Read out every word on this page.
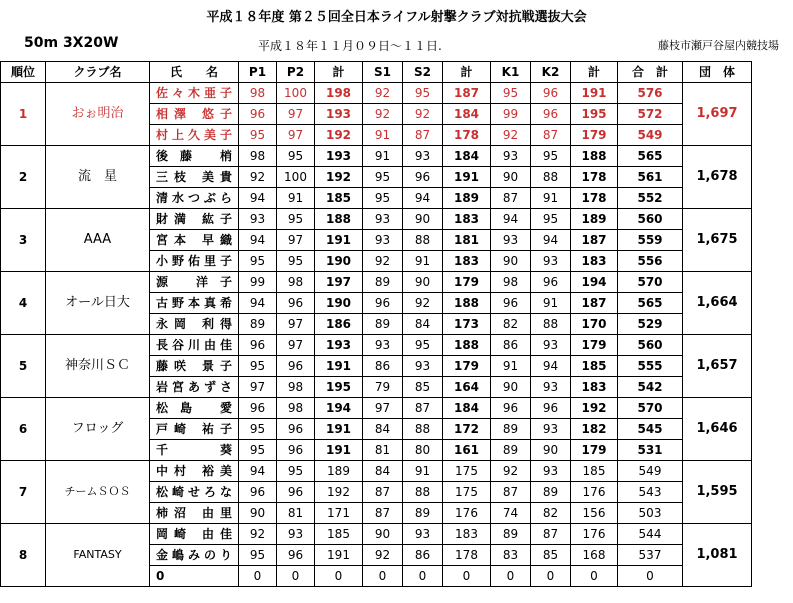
平成１８年度 第２５回全日本ライフル射撃クラブ対抗戦選抜大会
50m 3X20W	平成１８年１１月０９日～１１日.	藤枝市瀬戸谷屋内競技場
順位	クラブ名	氏　　名	P1	P2	計	S1	S2	計	K1	K2	計	合　計	団　体
1	おぉ明治	佐々木亜子	98	100	198	92	95	187	95	96	191	576	1,697
		相澤 悠子	96	97	193	92	92	184	99	96	195	572	
		村上久美子	95	97	192	91	87	178	92	87	179	549	
2	流　星	後藤 梢	98	95	193	91	93	184	93	95	188	565	1,678
		三枝 美貴	92	100	192	95	96	191	90	88	178	561	
		清水つぶら	94	91	185	95	94	189	87	91	178	552	
3	AAA	財満 紘子	93	95	188	93	90	183	94	95	189	560	1,675
		宮本 早織	94	97	191	93	88	181	93	94	187	559	
		小野佑里子	95	95	190	92	91	183	90	93	183	556	
4	オール日大	源 洋子	99	98	197	89	90	179	98	96	194	570	1,664
		古野本真希	94	96	190	96	92	188	96	91	187	565	
		永岡 利得	89	97	186	89	84	173	82	88	170	529	
5	神奈川ＳＣ	長谷川由佳	96	97	193	93	95	188	86	93	179	560	1,657
		藤咲 景子	95	96	191	86	93	179	91	94	185	555	
		岩宮あずさ	97	98	195	79	85	164	90	93	183	542	
6	フロッグ	松島 愛	96	98	194	97	87	184	96	96	192	570	1,646
		戸崎 祐子	95	96	191	84	88	172	89	93	182	545	
		千 葵	95	96	191	81	80	161	89	90	179	531	
7	チームＳＯＳ	中村 裕美	94	95	189	84	91	175	92	93	185	549	1,595
		松崎せろな	96	96	192	87	88	175	87	89	176	543	
		柿沼 由里	90	81	171	87	89	176	74	82	156	503	
8	FANTASY	岡崎 由佳	92	93	185	90	93	183	89	87	176	544	1,081
		金嶋みのり	95	96	191	92	86	178	83	85	168	537	
		0	0	0	0	0	0	0	0	0	0	0	
